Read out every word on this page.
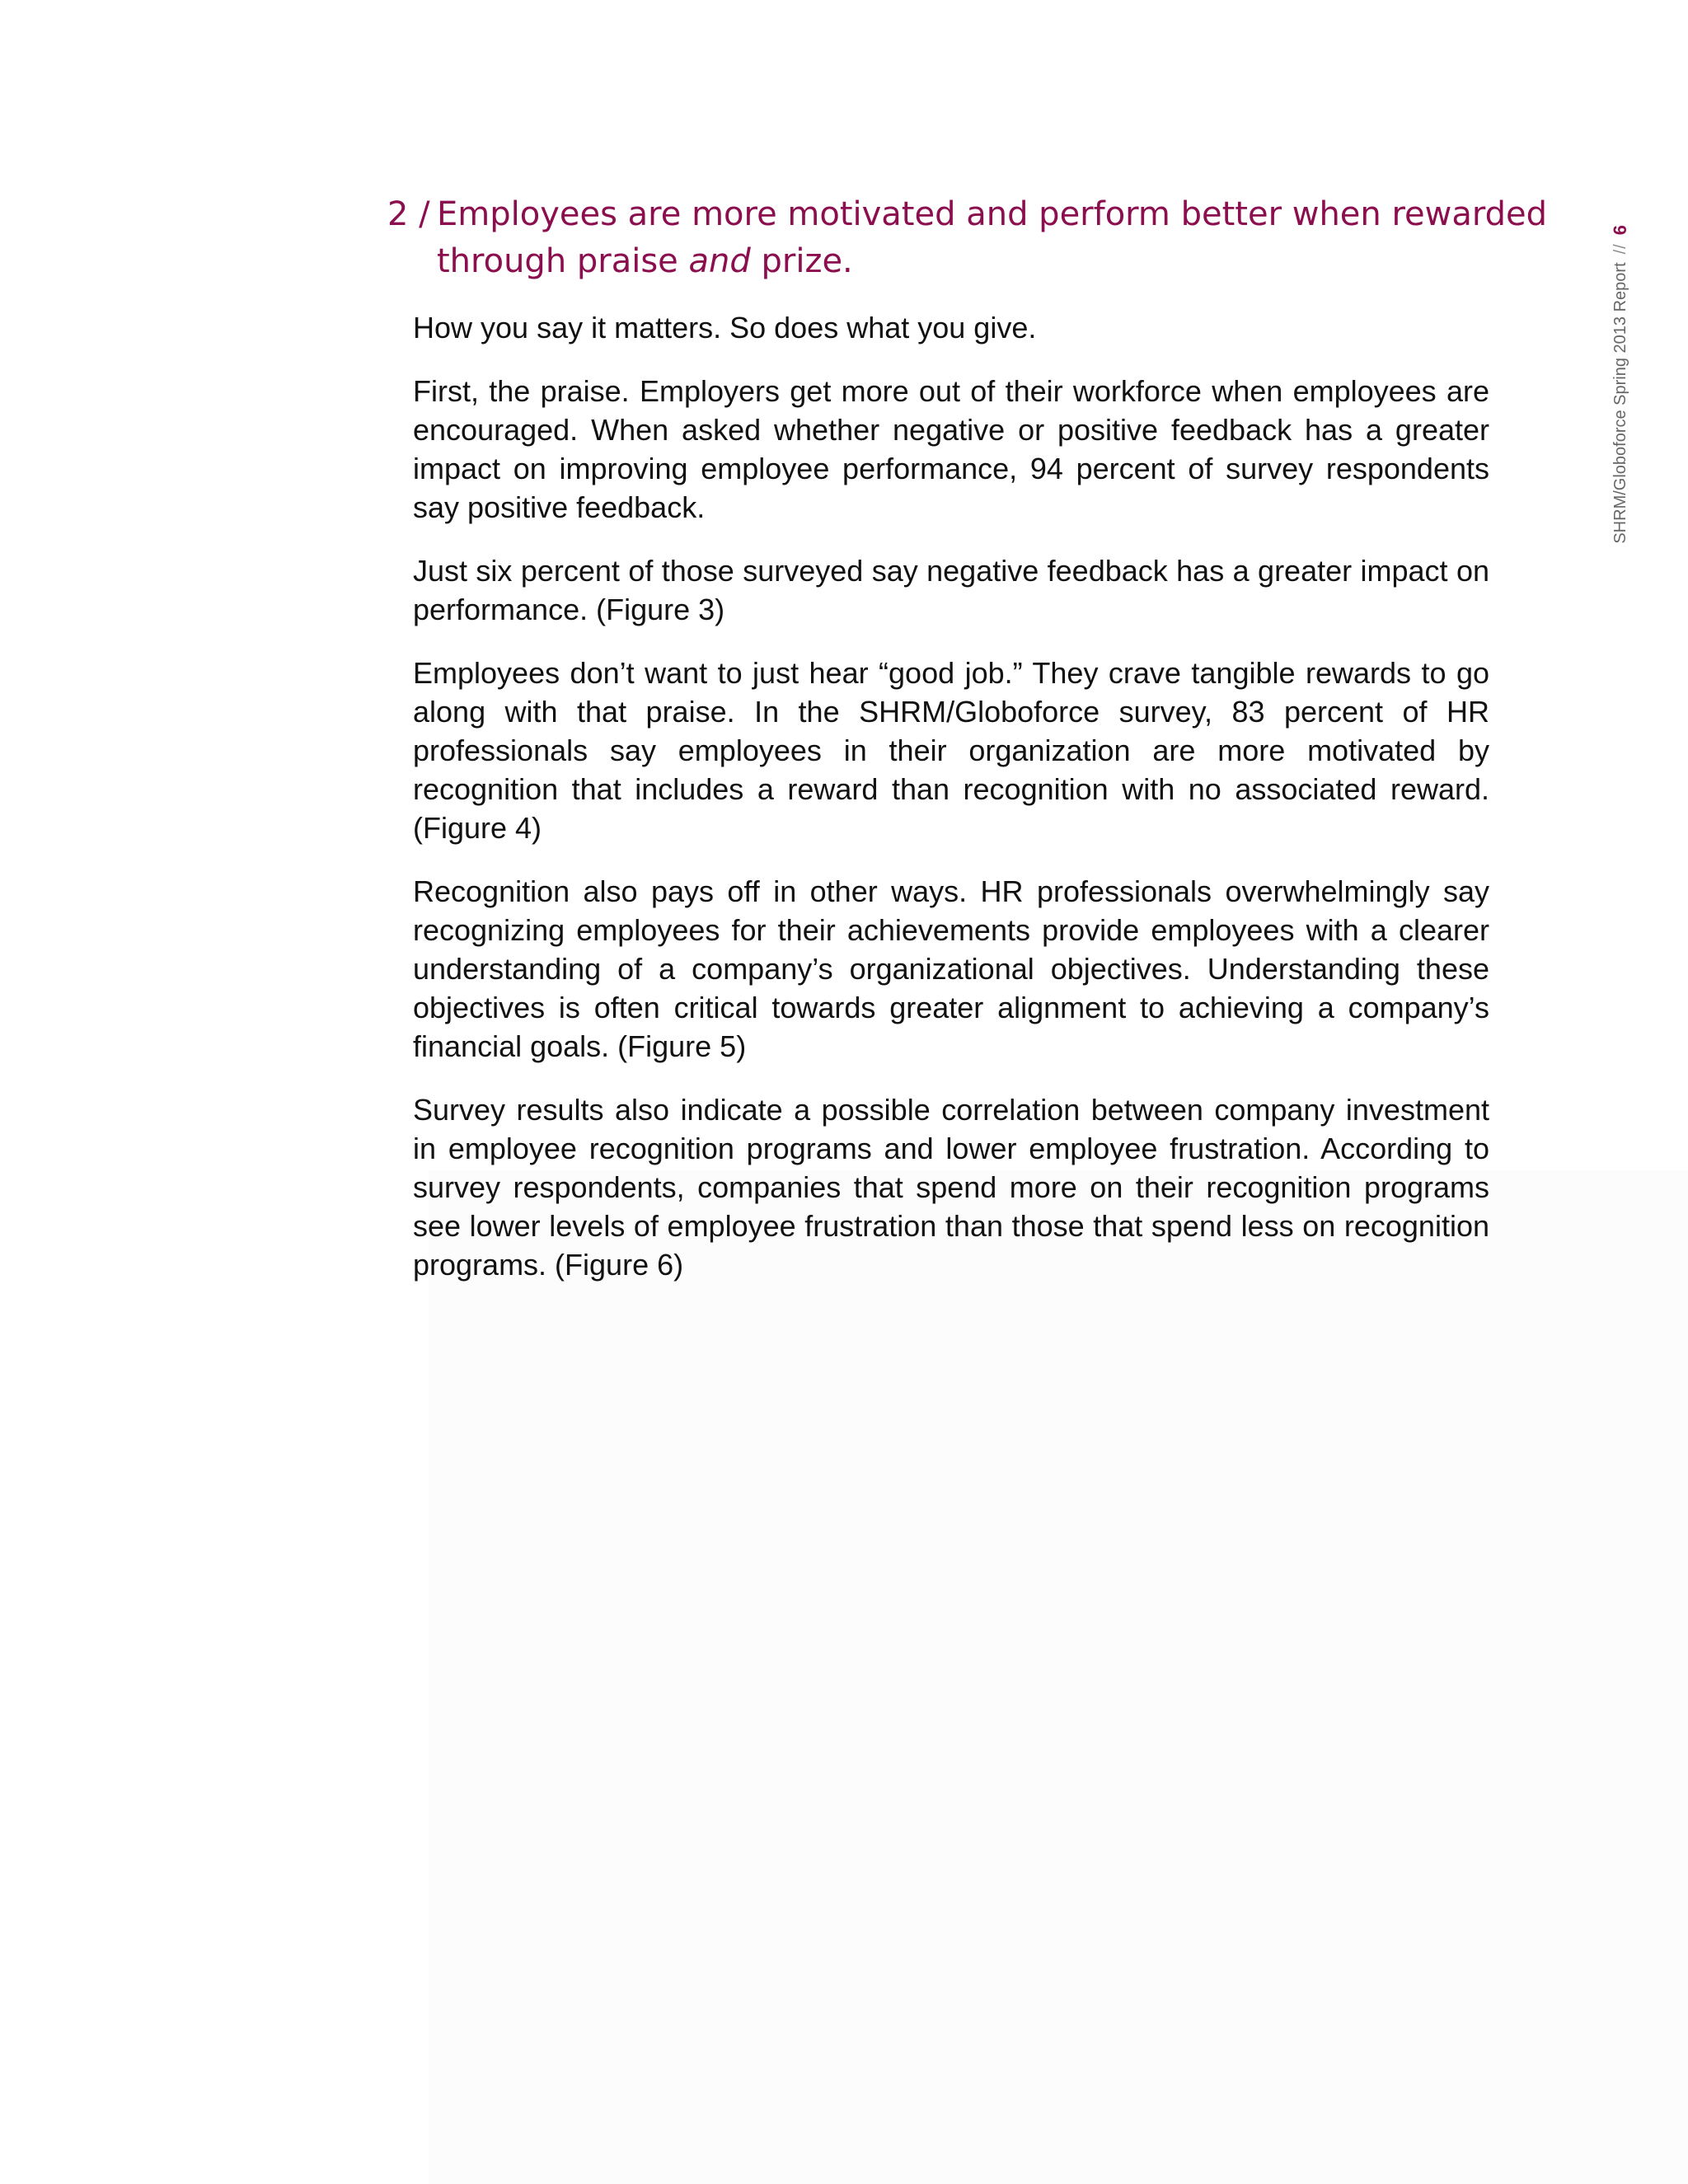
SHRM/Globoforce Spring 2013 Report
//
6
2 / Employees are more motivated and perform better when rewarded
through praise and prize.

How you say it matters. So does what you give.

First, the praise. Employers get more out of their workforce when employees are encouraged. When asked whether negative or positive feedback has a greater impact on improving employee performance, 94 percent of survey respondents say positive feedback.

Just six percent of those surveyed say negative feedback has a greater impact on performance. (Figure 3)

Employees don’t want to just hear “good job.” They crave tangible rewards to go along with that praise. In the SHRM/Globoforce survey, 83 percent of HR professionals say employees in their organization are more motivated by recognition that includes a reward than recognition with no associated reward. (Figure 4)

Recognition also pays off in other ways. HR professionals overwhelmingly say recognizing employees for their achievements provide employees with a clearer understanding of a company’s organizational objectives. Understanding these objectives is often critical towards greater alignment to achieving a company’s financial goals. (Figure 5)

Survey results also indicate a possible correlation between company investment in employee recognition programs and lower employee frustration. According to survey respondents, companies that spend more on their recognition programs see lower levels of employee frustration than those that spend less on recognition programs. (Figure 6)
